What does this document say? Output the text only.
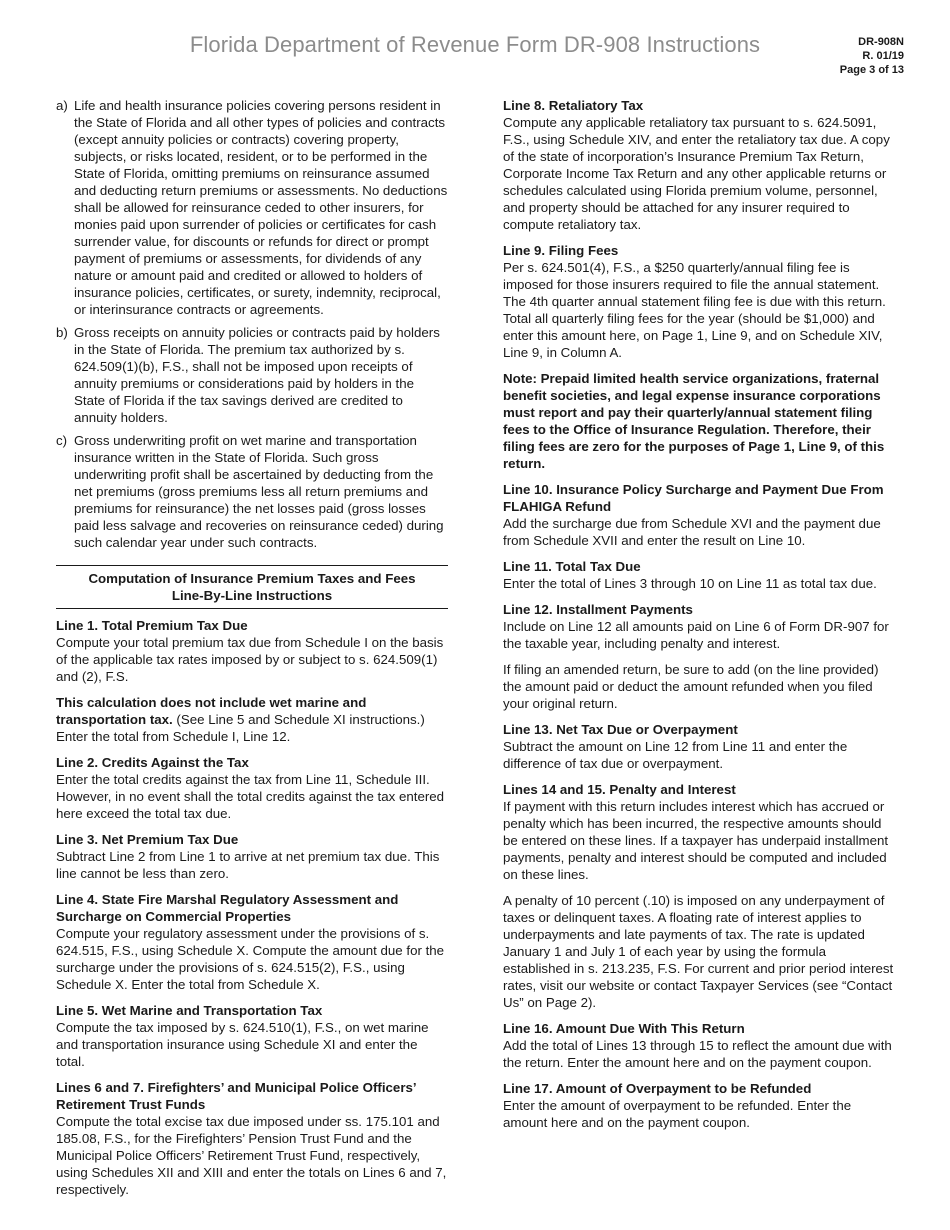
Florida Department of Revenue Form DR-908 Instructions	DR-908N
R. 01/19
Page 3 of 13
a) Life and health insurance policies covering persons resident in the State of Florida and all other types of policies and contracts (except annuity policies or contracts) covering property, subjects, or risks located, resident, or to be performed in the State of Florida, omitting premiums on reinsurance assumed and deducting return premiums or assessments. No deductions shall be allowed for reinsurance ceded to other insurers, for monies paid upon surrender of policies or certificates for cash surrender value, for discounts or refunds for direct or prompt payment of premiums or assessments, for dividends of any nature or amount paid and credited or allowed to holders of insurance policies, certificates, or surety, indemnity, reciprocal, or interinsurance contracts or agreements.
b) Gross receipts on annuity policies or contracts paid by holders in the State of Florida. The premium tax authorized by s. 624.509(1)(b), F.S., shall not be imposed upon receipts of annuity premiums or considerations paid by holders in the State of Florida if the tax savings derived are credited to annuity holders.
c) Gross underwriting profit on wet marine and transportation insurance written in the State of Florida. Such gross underwriting profit shall be ascertained by deducting from the net premiums (gross premiums less all return premiums and premiums for reinsurance) the net losses paid (gross losses paid less salvage and recoveries on reinsurance ceded) during such calendar year under such contracts.
Computation of Insurance Premium Taxes and Fees
Line-By-Line Instructions
Line 1. Total Premium Tax Due
Compute your total premium tax due from Schedule I on the basis of the applicable tax rates imposed by or subject to s. 624.509(1) and (2), F.S.
This calculation does not include wet marine and transportation tax. (See Line 5 and Schedule XI instructions.) Enter the total from Schedule I, Line 12.
Line 2. Credits Against the Tax
Enter the total credits against the tax from Line 11, Schedule III. However, in no event shall the total credits against the tax entered here exceed the total tax due.
Line 3. Net Premium Tax Due
Subtract Line 2 from Line 1 to arrive at net premium tax due. This line cannot be less than zero.
Line 4. State Fire Marshal Regulatory Assessment and Surcharge on Commercial Properties
Compute your regulatory assessment under the provisions of s. 624.515, F.S., using Schedule X. Compute the amount due for the surcharge under the provisions of s. 624.515(2), F.S., using Schedule X. Enter the total from Schedule X.
Line 5. Wet Marine and Transportation Tax
Compute the tax imposed by s. 624.510(1), F.S., on wet marine and transportation insurance using Schedule XI and enter the total.
Lines 6 and 7. Firefighters’ and Municipal Police Officers’ Retirement Trust Funds
Compute the total excise tax due imposed under ss. 175.101 and 185.08, F.S., for the Firefighters’ Pension Trust Fund and the Municipal Police Officers’ Retirement Trust Fund, respectively, using Schedules XII and XIII and enter the totals on Lines 6 and 7, respectively.
Line 8. Retaliatory Tax
Compute any applicable retaliatory tax pursuant to s. 624.5091, F.S., using Schedule XIV, and enter the retaliatory tax due. A copy of the state of incorporation’s Insurance Premium Tax Return, Corporate Income Tax Return and any other applicable returns or schedules calculated using Florida premium volume, personnel, and property should be attached for any insurer required to compute retaliatory tax.
Line 9. Filing Fees
Per s. 624.501(4), F.S., a $250 quarterly/annual filing fee is imposed for those insurers required to file the annual statement. The 4th quarter annual statement filing fee is due with this return. Total all quarterly filing fees for the year (should be $1,000) and enter this amount here, on Page 1, Line 9, and on Schedule XIV, Line 9, in Column A.
Note: Prepaid limited health service organizations, fraternal benefit societies, and legal expense insurance corporations must report and pay their quarterly/annual statement filing fees to the Office of Insurance Regulation. Therefore, their filing fees are zero for the purposes of Page 1, Line 9, of this return.
Line 10. Insurance Policy Surcharge and Payment Due From FLAHIGA Refund
Add the surcharge due from Schedule XVI and the payment due from Schedule XVII and enter the result on Line 10.
Line 11. Total Tax Due
Enter the total of Lines 3 through 10 on Line 11 as total tax due.
Line 12. Installment Payments
Include on Line 12 all amounts paid on Line 6 of Form DR-907 for the taxable year, including penalty and interest.
If filing an amended return, be sure to add (on the line provided) the amount paid or deduct the amount refunded when you filed your original return.
Line 13. Net Tax Due or Overpayment
Subtract the amount on Line 12 from Line 11 and enter the difference of tax due or overpayment.
Lines 14 and 15. Penalty and Interest
If payment with this return includes interest which has accrued or penalty which has been incurred, the respective amounts should be entered on these lines. If a taxpayer has underpaid installment payments, penalty and interest should be computed and included on these lines.
A penalty of 10 percent (.10) is imposed on any underpayment of taxes or delinquent taxes. A floating rate of interest applies to underpayments and late payments of tax. The rate is updated January 1 and July 1 of each year by using the formula established in s. 213.235, F.S. For current and prior period interest rates, visit our website or contact Taxpayer Services (see “Contact Us” on Page 2).
Line 16. Amount Due With This Return
Add the total of Lines 13 through 15 to reflect the amount due with the return. Enter the amount here and on the payment coupon.
Line 17. Amount of Overpayment to be Refunded
Enter the amount of overpayment to be refunded. Enter the amount here and on the payment coupon.
